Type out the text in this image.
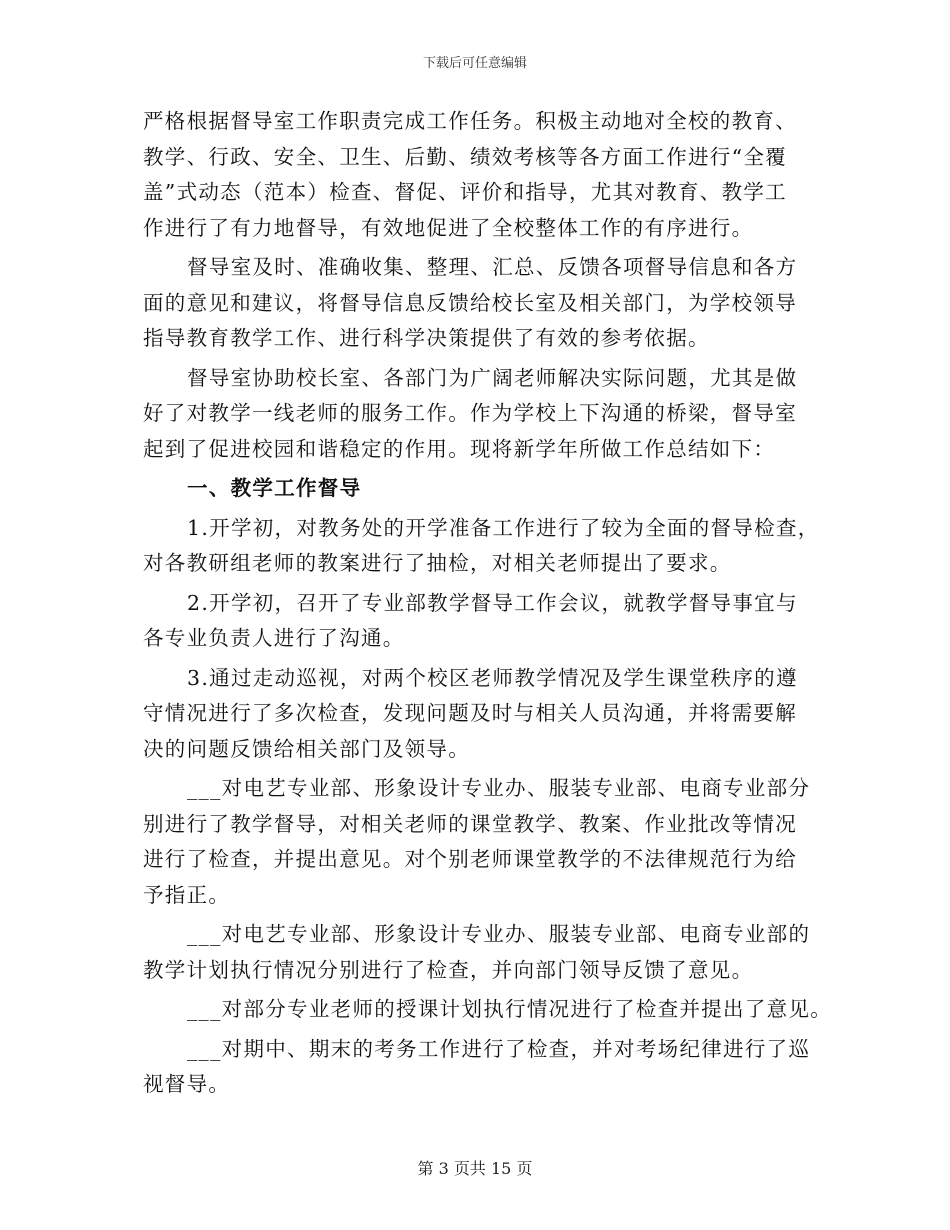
下载后可任意编辑
严格根据督导室工作职责完成工作任务。积极主动地对全校的教育、
教学、行政、安全、卫生、后勤、绩效考核等各方面工作进行“全覆
盖”式动态（范本）检查、督促、评价和指导，尤其对教育、教学工
作进行了有力地督导，有效地促进了全校整体工作的有序进行。
督导室及时、准确收集、整理、汇总、反馈各项督导信息和各方
面的意见和建议，将督导信息反馈给校长室及相关部门，为学校领导
指导教育教学工作、进行科学决策提供了有效的参考依据。
督导室协助校长室、各部门为广阔老师解决实际问题，尤其是做
好了对教学一线老师的服务工作。作为学校上下沟通的桥梁，督导室
起到了促进校园和谐稳定的作用。现将新学年所做工作总结如下：
一、教学工作督导
1.开学初，对教务处的开学准备工作进行了较为全面的督导检查，
对各教研组老师的教案进行了抽检，对相关老师提出了要求。
2.开学初，召开了专业部教学督导工作会议，就教学督导事宜与
各专业负责人进行了沟通。
3.通过走动巡视，对两个校区老师教学情况及学生课堂秩序的遵
守情况进行了多次检查，发现问题及时与相关人员沟通，并将需要解
决的问题反馈给相关部门及领导。
___对电艺专业部、形象设计专业办、服装专业部、电商专业部分
别进行了教学督导，对相关老师的课堂教学、教案、作业批改等情况
进行了检查，并提出意见。对个别老师课堂教学的不法律规范行为给
予指正。
___对电艺专业部、形象设计专业办、服装专业部、电商专业部的
教学计划执行情况分别进行了检查，并向部门领导反馈了意见。
___对部分专业老师的授课计划执行情况进行了检查并提出了意见。
___对期中、期末的考务工作进行了检查，并对考场纪律进行了巡
视督导。
第 3 页共 15 页
